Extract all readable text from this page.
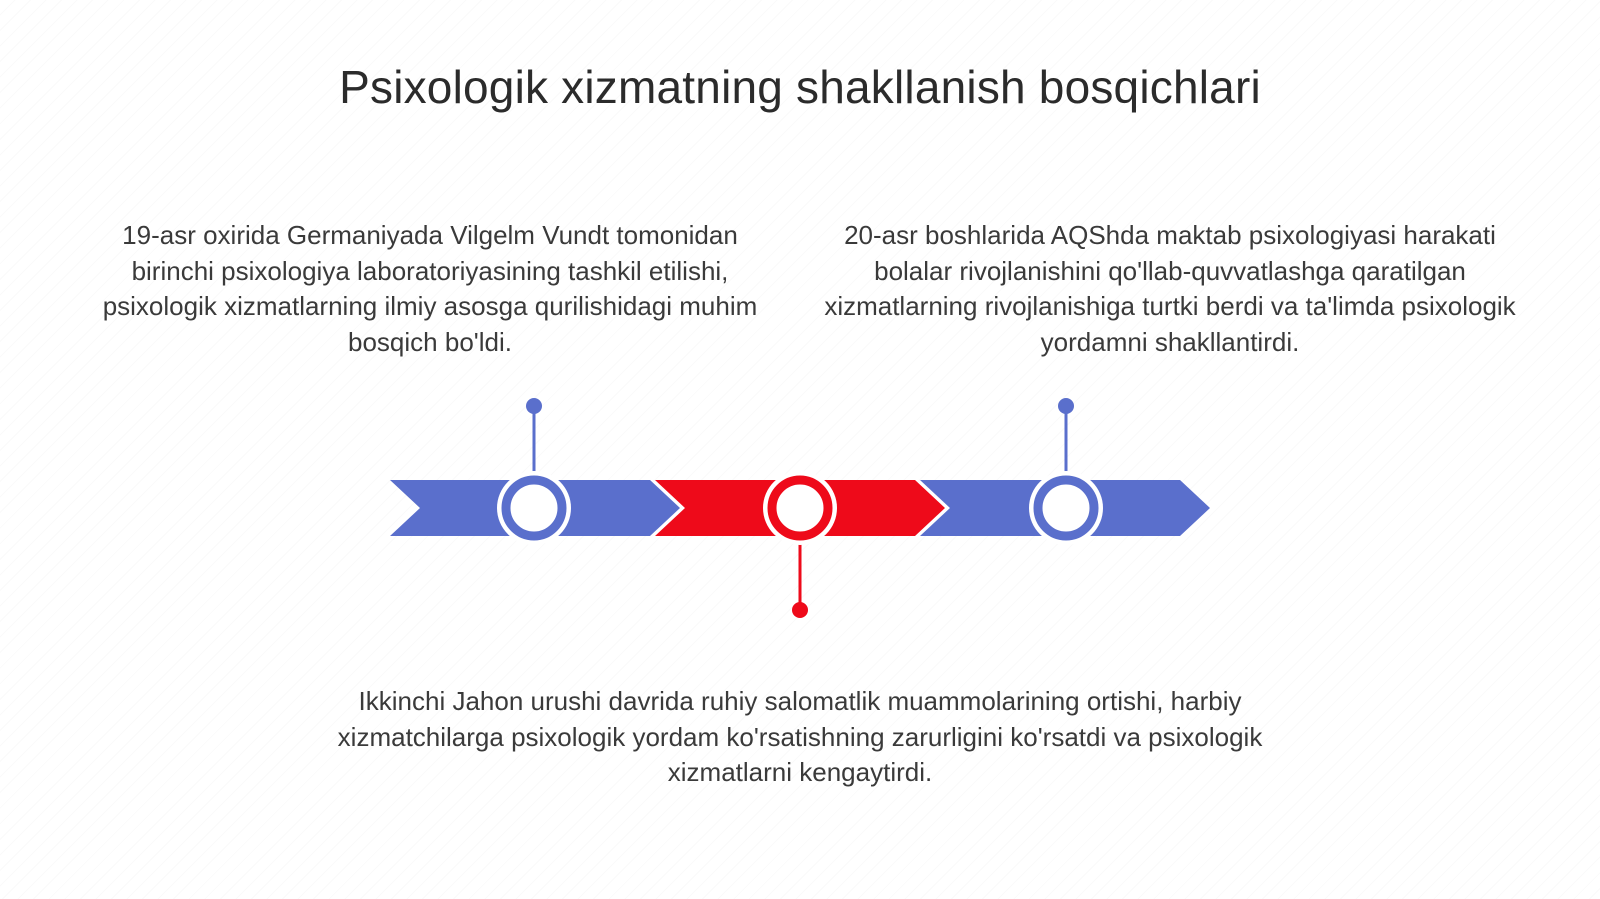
Psixologik xizmatning shakllanish bosqichlari
19-asr oxirida Germaniyada Vilgelm Vundt tomonidan birinchi psixologiya laboratoriyasining tashkil etilishi, psixologik xizmatlarning ilmiy asosga qurilishidagi muhim bosqich bo'ldi.
20-asr boshlarida AQShda maktab psixologiyasi harakati bolalar rivojlanishini qo'llab-quvvatlashga qaratilgan xizmatlarning rivojlanishiga turtki berdi va ta'limda psixologik yordamni shakllantirdi.
Ikkinchi Jahon urushi davrida ruhiy salomatlik muammolarining ortishi, harbiy xizmatchilarga psixologik yordam ko'rsatishning zarurligini ko'rsatdi va psixologik xizmatlarni kengaytirdi.
